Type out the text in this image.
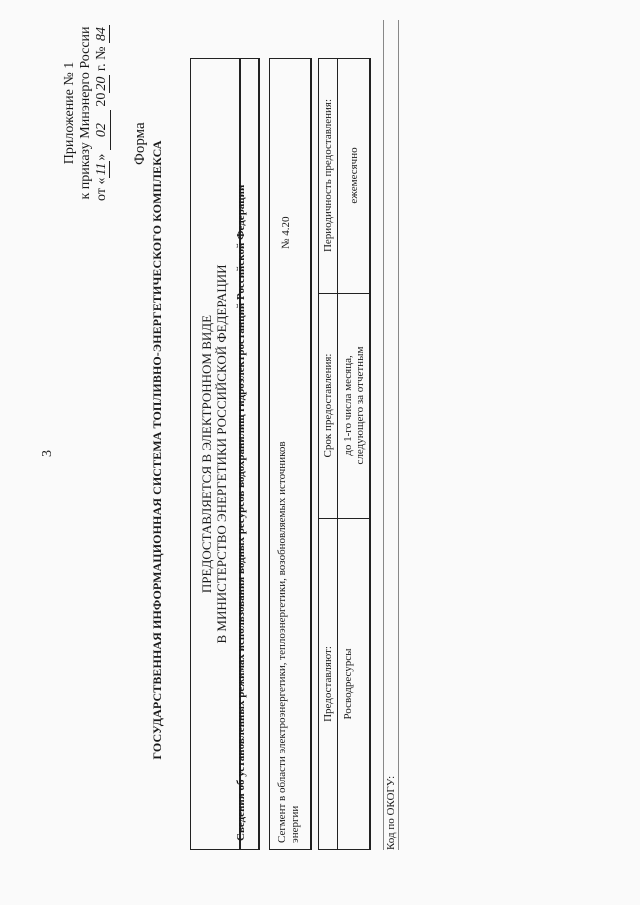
3
Приложение № 1 к приказу Минэнерго России от «11» 02 2020 г. № 84
Форма ГОСУДАРСТВЕННАЯ ИНФОРМАЦИОННАЯ СИСТЕМА ТОПЛИВНО-ЭНЕРГЕТИЧЕСКОГО КОМПЛЕКСА	ПРЕДОСТАВЛЯЕТСЯ В ЭЛЕКТРОННОМ ВИДЕ В МИНИСТЕРСТВО ЭНЕРГЕТИКИ РОССИЙСКОЙ ФЕДЕРАЦИИ Сведения об установленных режимах использования водных ресурсов водохранилищ гидроэлектростанций Российской Федерации	Сегмент в области электроэнергетики, теплоэнергетики, возобновляемых источников энергии
№ 4.20
Предоставляют: Росводресурсы
Срок предоставления: до 1-го числа месяца, следующего за отчетным
Периодичность предоставления:	ежемесячно
Код по ОКОГУ:
